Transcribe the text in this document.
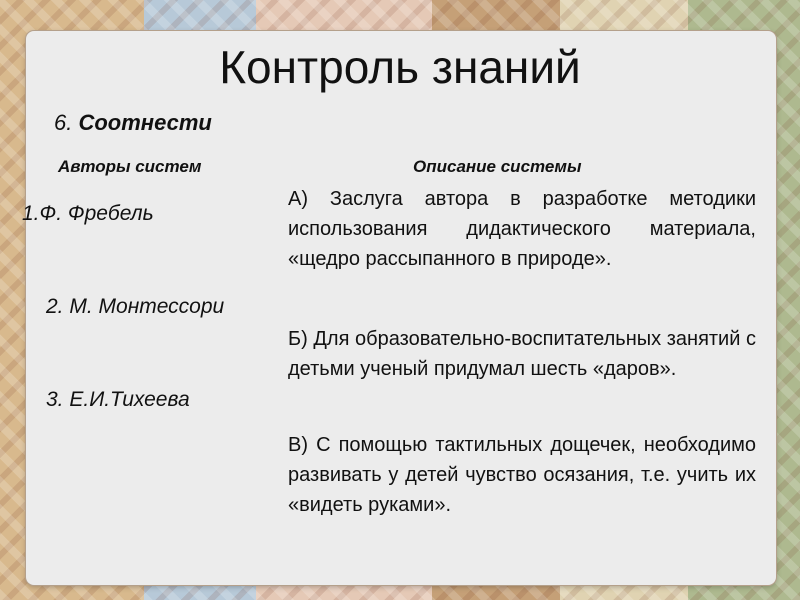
Контроль знаний
6. Соотнести
Авторы систем	Описание системы
1.Ф. Фребель
2. М. Монтессори
3. Е.И.Тихеева
А) Заслуга автора в разработке методики использования дидактического материала, «щедро рассыпанного в природе».
Б) Для образовательно-воспитательных занятий с детьми ученый придумал шесть «даров».
В) С помощью тактильных дощечек, необходимо развивать у детей чувство осязания, т.е. учить их «видеть руками».
